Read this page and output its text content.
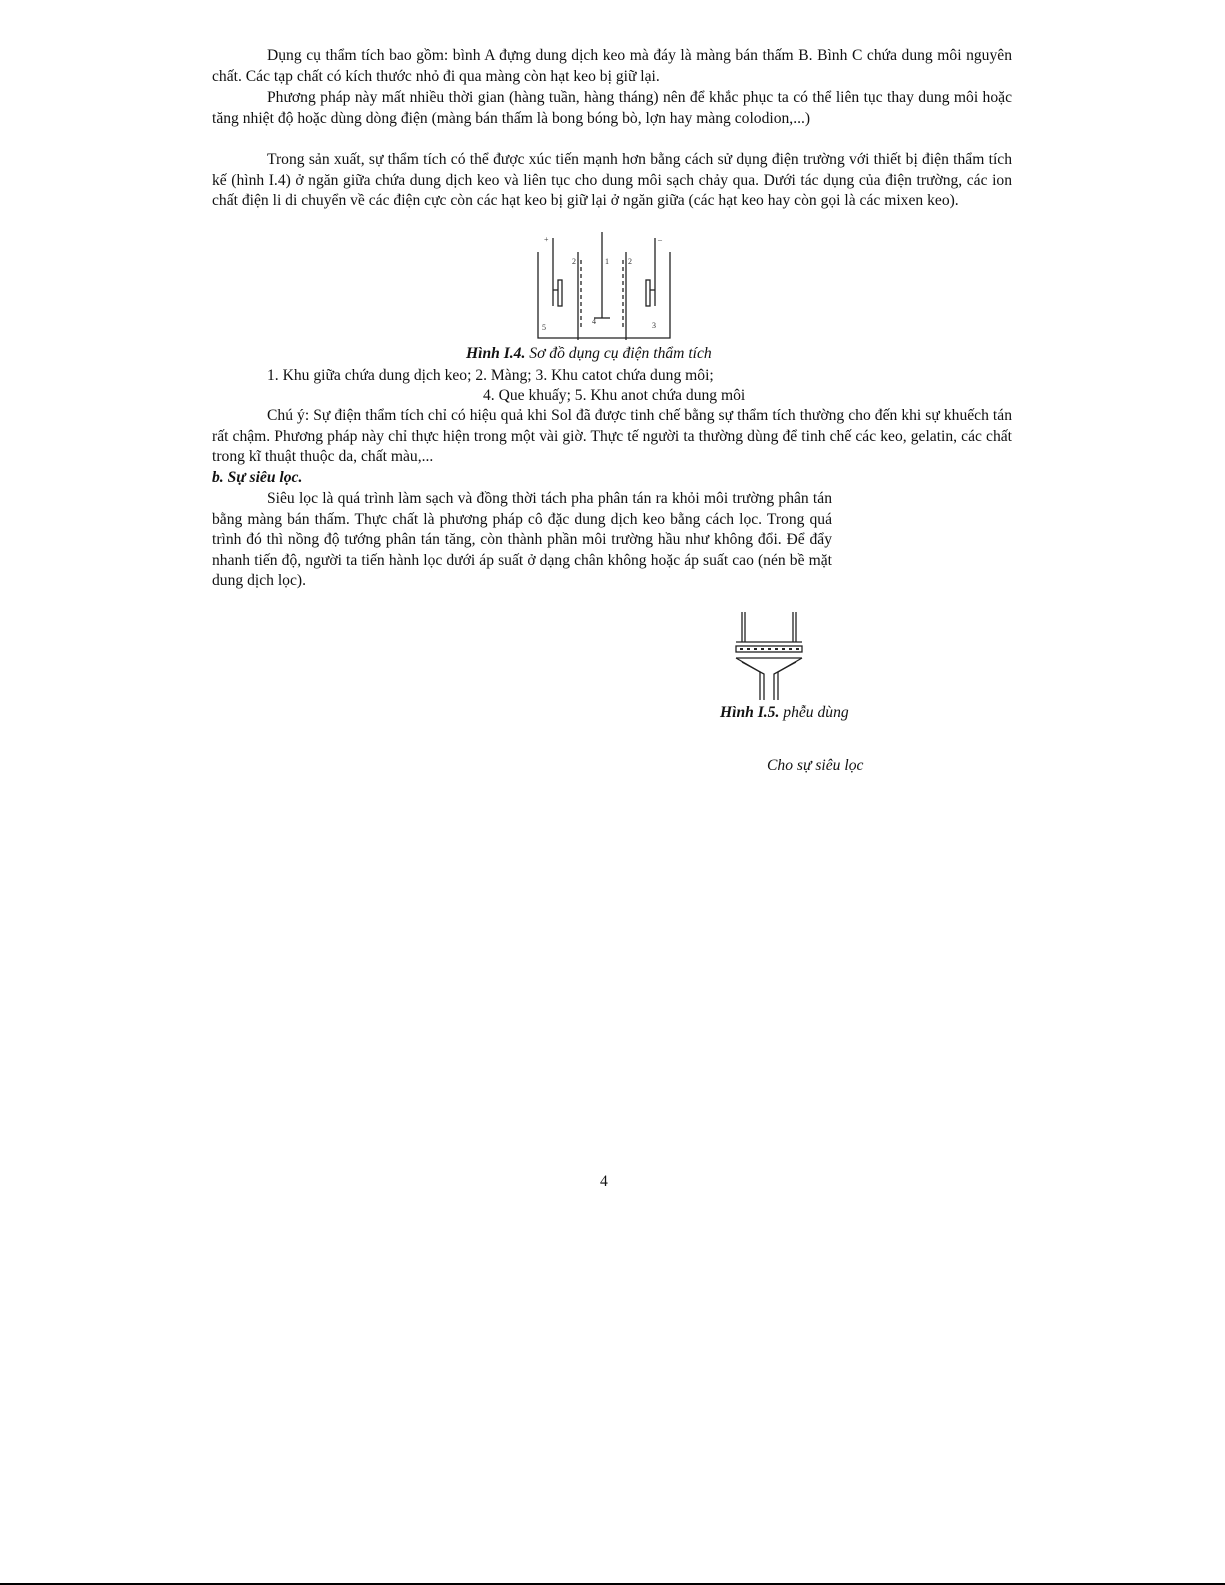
Dụng cụ thẩm tích bao gồm: bình A đựng dung dịch keo mà đáy là màng bán thấm B. Bình C chứa dung môi nguyên chất. Các tạp chất có kích thước nhỏ đi qua màng còn hạt keo bị giữ lại.

Phương pháp này mất nhiều thời gian (hàng tuần, hàng tháng) nên để khắc phục ta có thể liên tục thay dung môi hoặc tăng nhiệt độ hoặc dùng dòng điện (màng bán thấm là bong bóng bò, lợn hay màng colodion,...)

Trong sản xuất, sự thẩm tích có thể được xúc tiến mạnh hơn bằng cách sử dụng điện trường với thiết bị điện thẩm tích kế (hình I.4) ở ngăn giữa chứa dung dịch keo và liên tục cho dung môi sạch chảy qua. Dưới tác dụng của điện trường, các ion chất điện li di chuyển về các điện cực còn các hạt keo bị giữ lại ở ngăn giữa (các hạt keo hay còn gọi là các mixen keo).

+	–
1
2	2
3
4
5

Hình I.4. Sơ đồ dụng cụ điện thẩm tích

1. Khu giữa chứa dung dịch keo; 2. Màng; 3. Khu catot chứa dung môi;

4. Que khuấy; 5. Khu anot chứa dung môi

Chú ý: Sự điện thẩm tích chỉ có hiệu quả khi Sol đã được tinh chế bằng sự thẩm tích thường cho đến khi sự khuếch tán rất chậm. Phương pháp này chỉ thực hiện trong một vài giờ. Thực tế người ta thường dùng để tinh chế các keo, gelatin, các chất trong kĩ thuật thuộc da, chất màu,...

b. Sự siêu lọc.

Siêu lọc là quá trình làm sạch và đồng thời tách pha phân tán ra khỏi môi trường phân tán bằng màng bán thấm. Thực chất là phương pháp cô đặc dung dịch keo bằng cách lọc. Trong quá trình đó thì nồng độ tướng phân tán tăng, còn thành phần môi trường hầu như không đổi. Để đẩy nhanh tiến độ, người ta tiến hành lọc dưới áp suất ở dạng chân không hoặc áp suất cao (nén bề mặt dung dịch lọc).

Hình I.5. phễu dùng

Cho sự siêu lọc

4
